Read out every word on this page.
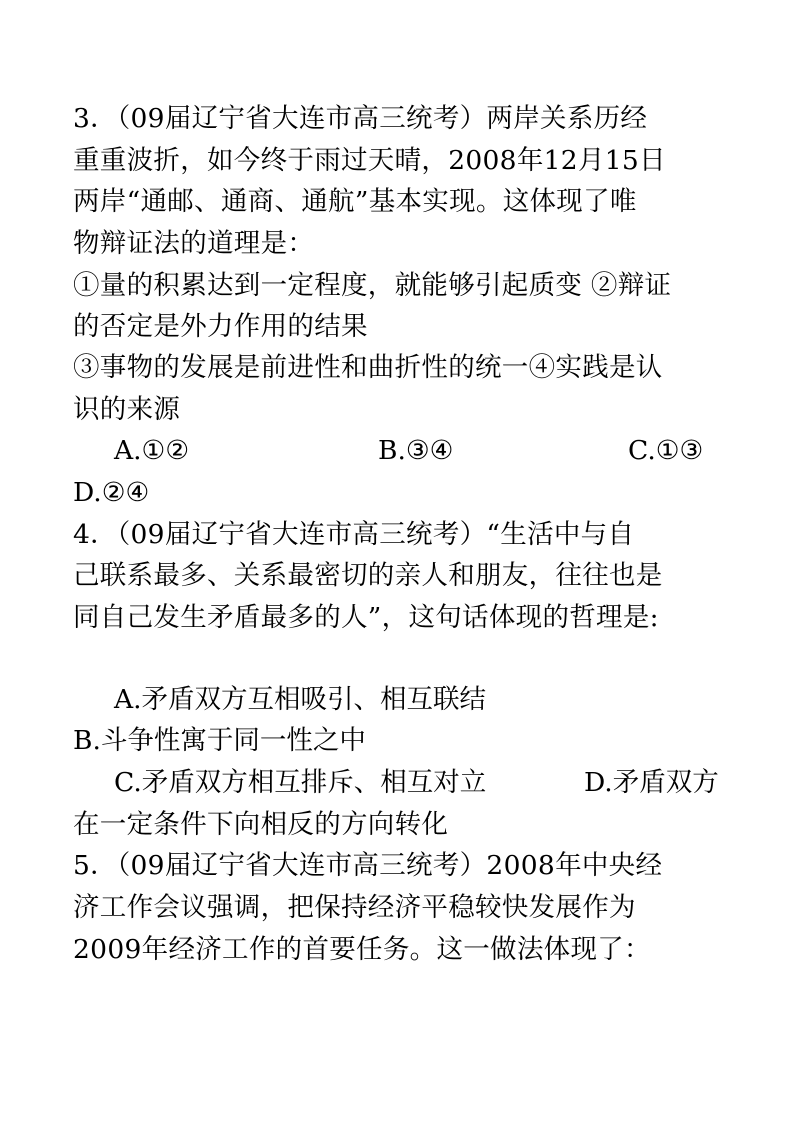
3．（09届辽宁省大连市高三统考）两岸关系历经
重重波折，如今终于雨过天晴，2008年12月15日
两岸“通邮、通商、通航”基本实现。这体现了唯
物辩证法的道理是：
①量的积累达到一定程度，就能够引起质变 ②辩证
的否定是外力作用的结果
③事物的发展是前进性和曲折性的统一④实践是认
识的来源
A.①②	B.③④	C.①③
D.②④
4．（09届辽宁省大连市高三统考）“生活中与自
己联系最多、关系最密切的亲人和朋友，往往也是
同自己发生矛盾最多的人”，这句话体现的哲理是:
A.矛盾双方互相吸引、相互联结
B.斗争性寓于同一性之中
C.矛盾双方相互排斥、相互对立	D.矛盾双方
在一定条件下向相反的方向转化
5．（09届辽宁省大连市高三统考）2008年中央经
济工作会议强调，把保持经济平稳较快发展作为
2009年经济工作的首要任务。这一做法体现了：
